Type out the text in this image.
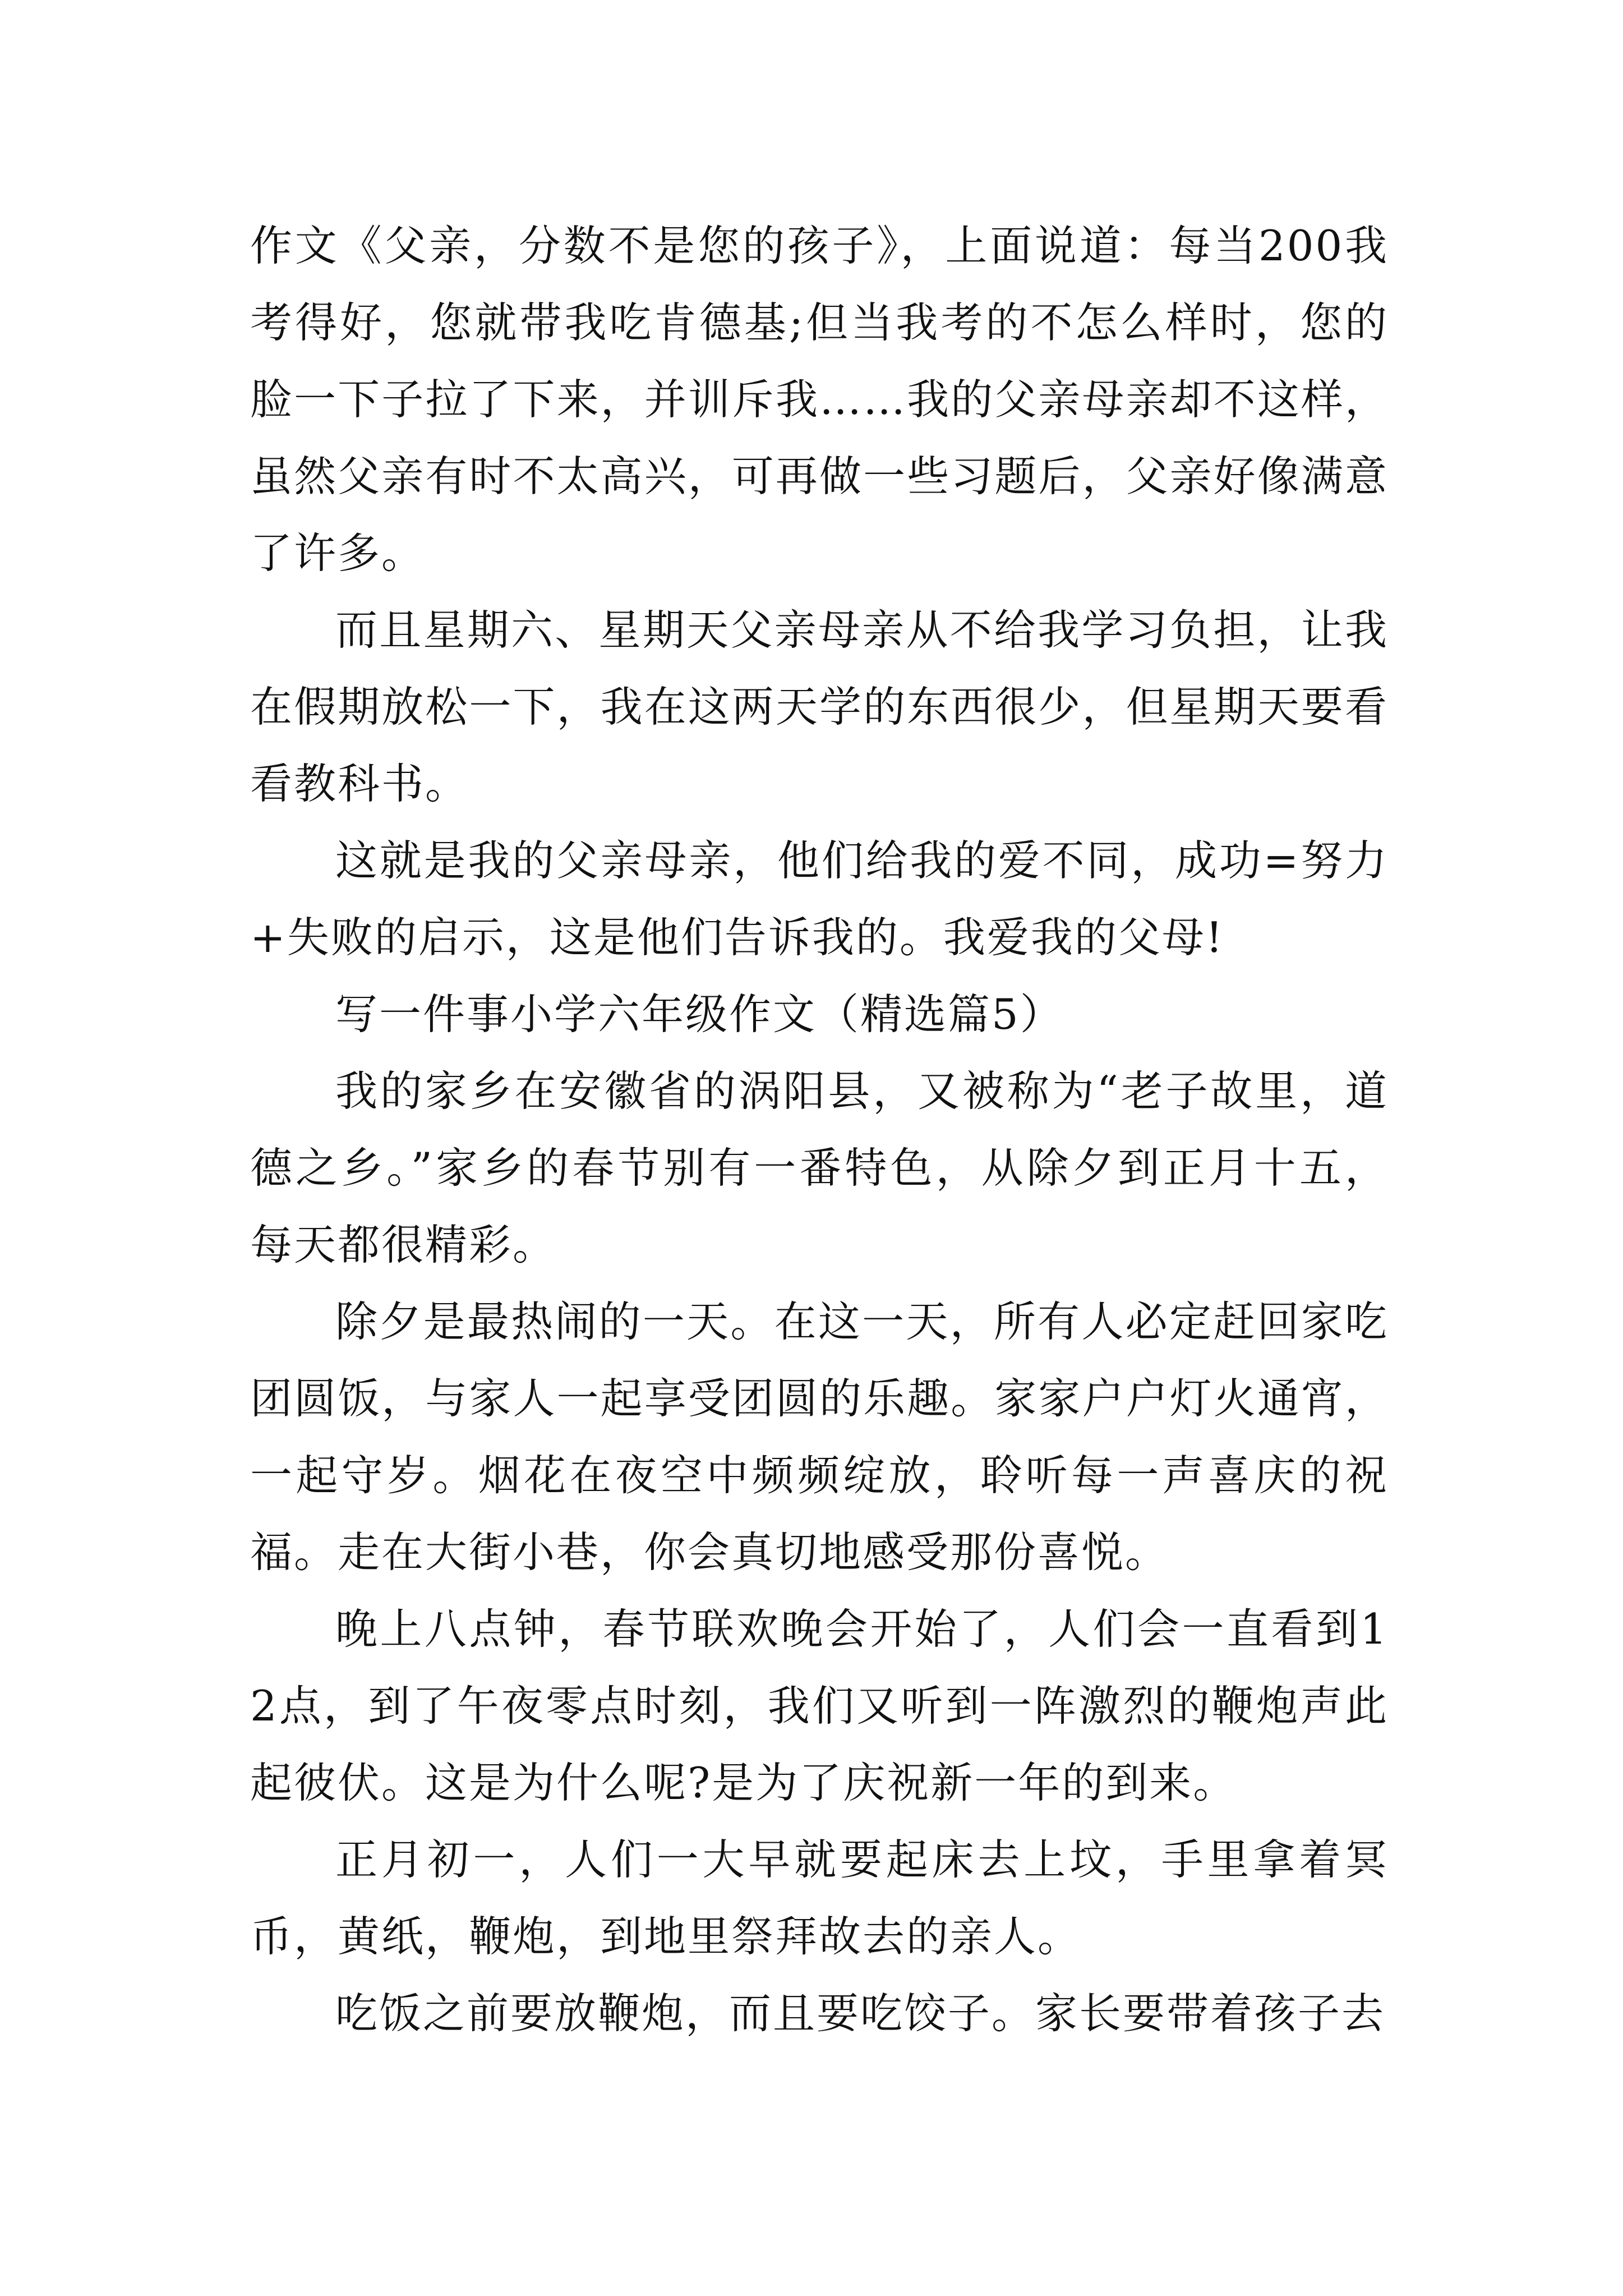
作文《父亲，分数不是您的孩子》，上面说道：每当200我考得好，您就带我吃肯德基;但当我考的不怎么样时，您的脸一下子拉了下来，并训斥我……我的父亲母亲却不这样，虽然父亲有时不太高兴，可再做一些习题后，父亲好像满意了许多。

而且星期六、星期天父亲母亲从不给我学习负担，让我在假期放松一下，我在这两天学的东西很少，但星期天要看看教科书。

这就是我的父亲母亲，他们给我的爱不同，成功=努力+失败的启示，这是他们告诉我的。我爱我的父母!

写一件事小学六年级作文（精选篇5）

我的家乡在安徽省的涡阳县，又被称为“老子故里，道德之乡。”家乡的春节别有一番特色，从除夕到正月十五，每天都很精彩。

除夕是最热闹的一天。在这一天，所有人必定赶回家吃团圆饭，与家人一起享受团圆的乐趣。家家户户灯火通宵，一起守岁。烟花在夜空中频频绽放，聆听每一声喜庆的祝福。走在大街小巷，你会真切地感受那份喜悦。

晚上八点钟，春节联欢晚会开始了，人们会一直看到12点，到了午夜零点时刻，我们又听到一阵激烈的鞭炮声此起彼伏。这是为什么呢?是为了庆祝新一年的到来。

正月初一，人们一大早就要起床去上坟，手里拿着冥币，黄纸，鞭炮，到地里祭拜故去的亲人。

吃饭之前要放鞭炮，而且要吃饺子。家长要带着孩子去
